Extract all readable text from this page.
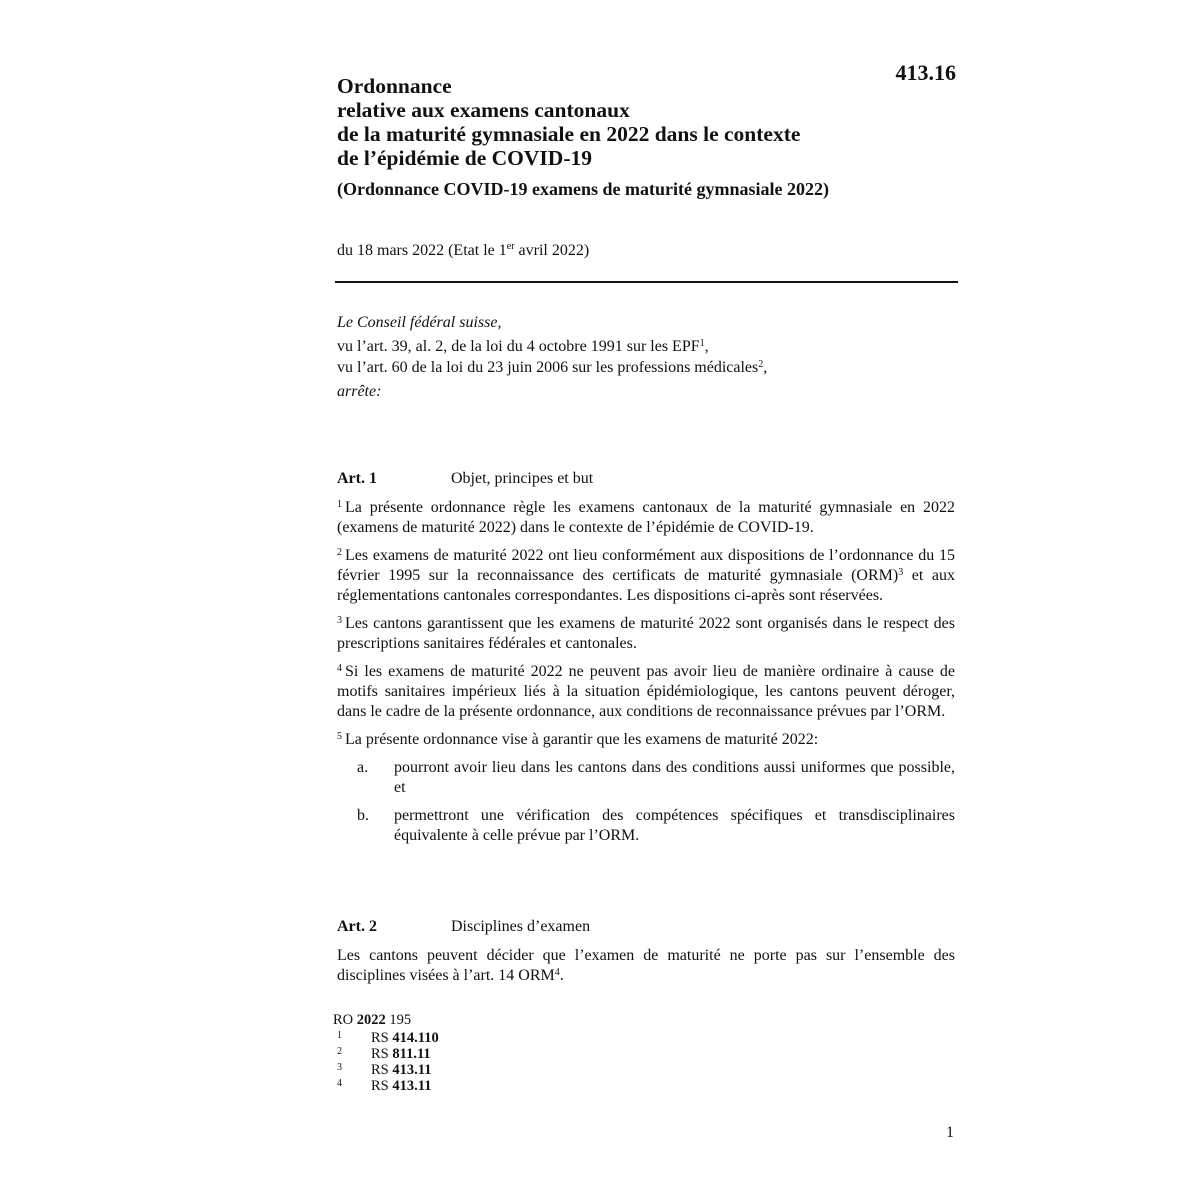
413.16
Ordonnance
relative aux examens cantonaux
de la maturité gymnasiale en 2022 dans le contexte
de l’épidémie de COVID-19
(Ordonnance COVID-19 examens de maturité gymnasiale 2022)
du 18 mars 2022 (Etat le 1er avril 2022)
Le Conseil fédéral suisse,
vu l’art. 39, al. 2, de la loi du 4 octobre 1991 sur les EPF$^1$,
vu l’art. 60 de la loi du 23 juin 2006 sur les professions médicales$^2$,
arrête:
Art. 1	Objet, principes et but
$^1$ La présente ordonnance règle les examens cantonaux de la maturité gymnasiale en 2022 (examens de maturité 2022) dans le contexte de l’épidémie de COVID-19.
$^2$ Les examens de maturité 2022 ont lieu conformément aux dispositions de l’ordonnance du 15 février 1995 sur la reconnaissance des certificats de maturité gymnasiale (ORM)$^3$ et aux réglementations cantonales correspondantes. Les dispositions ci-après sont réservées.
$^3$ Les cantons garantissent que les examens de maturité 2022 sont organisés dans le respect des prescriptions sanitaires fédérales et cantonales.
$^4$ Si les examens de maturité 2022 ne peuvent pas avoir lieu de manière ordinaire à cause de motifs sanitaires impérieux liés à la situation épidémiologique, les cantons peuvent déroger, dans le cadre de la présente ordonnance, aux conditions de reconnaissance prévues par l’ORM.
$^5$ La présente ordonnance vise à garantir que les examens de maturité 2022:
a.	pourront avoir lieu dans les cantons dans des conditions aussi uniformes que possible, et
b.	permettront une vérification des compétences spécifiques et transdisciplinaires équivalente à celle prévue par l’ORM.
Art. 2	Disciplines d’examen
Les cantons peuvent décider que l’examen de maturité ne porte pas sur l’ensemble des disciplines visées à l’art. 14 ORM$^4$.
RO 2022 195
1	RS 414.110
2	RS 811.11
3	RS 413.11
4	RS 413.11
1
